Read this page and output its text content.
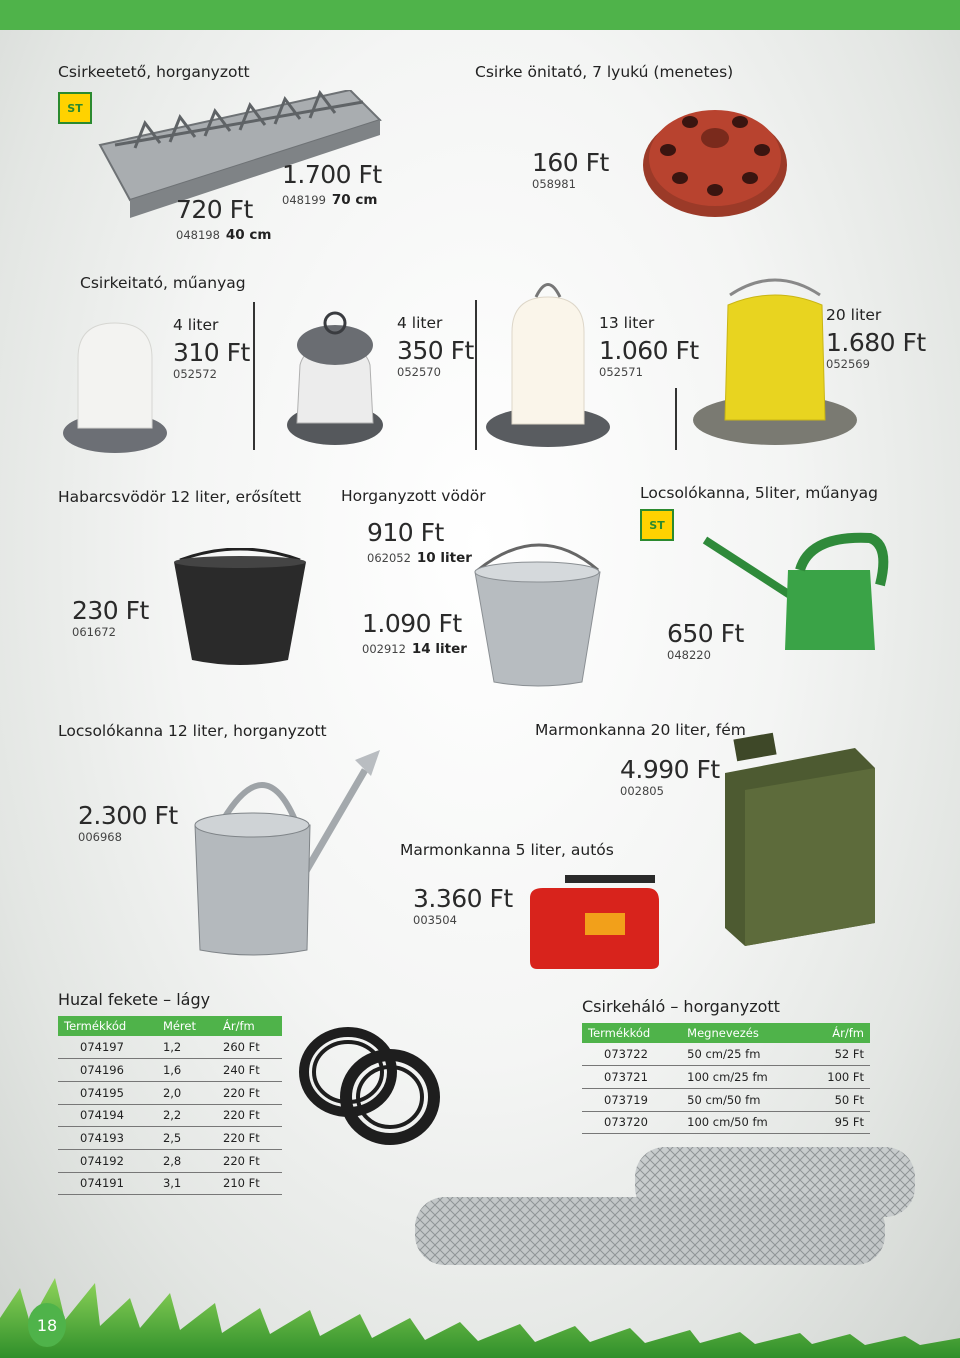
Csirkeetető, horganyzott
ST
720 Ft
048198 40 cm
1.700 Ft
048199 70 cm
Csirke önitató, 7 lyukú (menetes)
160 Ft
058981
Csirkeitató, műanyag
4 liter
310 Ft
052572
4 liter
350 Ft
052570
13 liter
1.060 Ft
052571
20 liter
1.680 Ft
052569
Habarcsvödör 12 liter, erősített
230 Ft
061672
Horganyzott vödör
910 Ft
062052 10 liter
1.090 Ft
002912 14 liter
Locsolókanna, 5liter, műanyag
ST
650 Ft
048220
Locsolókanna 12 liter, horganyzott
2.300 Ft
006968
Marmonkanna 20 liter, fém
4.990 Ft
002805
Marmonkanna 5 liter, autós
3.360 Ft
003504
Huzal fekete – lágy
Termékkód	Méret	Ár/fm
074197	1,2	260 Ft
074196	1,6	240 Ft
074195	2,0	220 Ft
074194	2,2	220 Ft
074193	2,5	220 Ft
074192	2,8	220 Ft
074191	3,1	210 Ft
Csirkeháló – horganyzott
Termékkód	Megnevezés	Ár/fm
073722	50 cm/25 fm	52 Ft
073721	100 cm/25 fm	100 Ft
073719	50 cm/50 fm	50 Ft
073720	100 cm/50 fm	95 Ft
18
